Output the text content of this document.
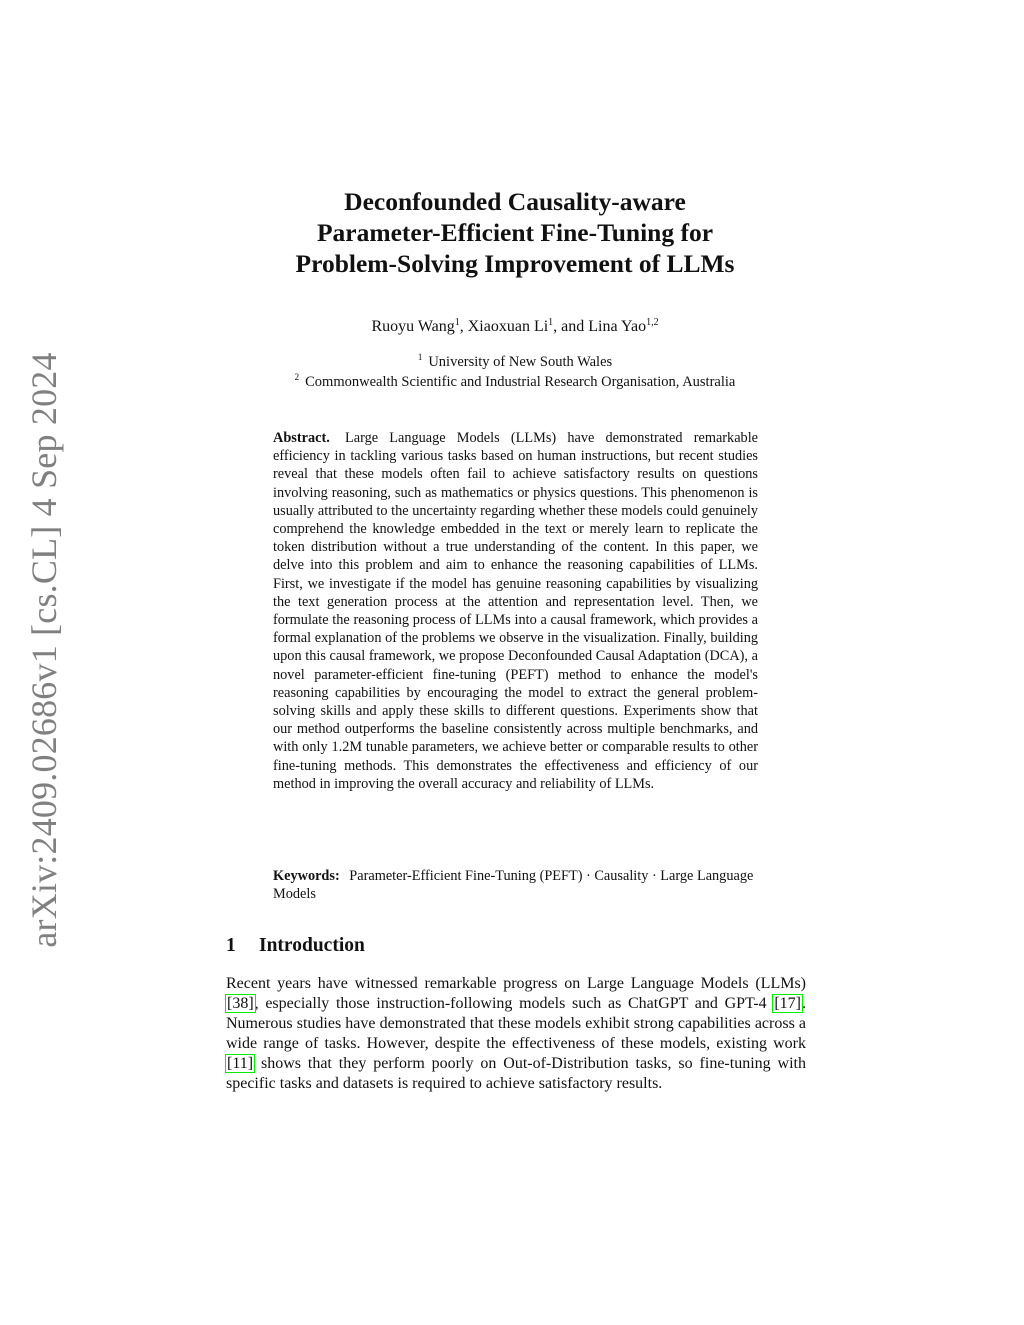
arXiv:2409.02686v1 [cs.CL] 4 Sep 2024
Deconfounded Causality-aware
Parameter-Efficient Fine-Tuning for
Problem-Solving Improvement of LLMs
Ruoyu Wang$^1$, Xiaoxuan Li$^1$, and Lina Yao$^{1,2}$
$^1$ University of New South Wales
$^2$ Commonwealth Scientific and Industrial Research Organisation, Australia
Abstract. Large Language Models (LLMs) have demonstrated remarkable efficiency in tackling various tasks based on human instructions, but recent studies reveal that these models often fail to achieve satisfactory results on questions involving reasoning, such as mathematics or physics questions. This phenomenon is usually attributed to the uncertainty regarding whether these models could genuinely comprehend the knowledge embedded in the text or merely learn to replicate the token distribution without a true understanding of the content. In this paper, we delve into this problem and aim to enhance the reasoning capabilities of LLMs. First, we investigate if the model has genuine reasoning capabilities by visualizing the text generation process at the attention and representation level. Then, we formulate the reasoning process of LLMs into a causal framework, which provides a formal explanation of the problems we observe in the visualization. Finally, building upon this causal framework, we propose Deconfounded Causal Adaptation (DCA), a novel parameter-efficient fine-tuning (PEFT) method to enhance the model's reasoning capabilities by encouraging the model to extract the general problem-solving skills and apply these skills to different questions. Experiments show that our method outperforms the baseline consistently across multiple benchmarks, and with only 1.2M tunable parameters, we achieve better or comparable results to other fine-tuning methods. This demonstrates the effectiveness and efficiency of our method in improving the overall accuracy and reliability of LLMs.
Keywords: Parameter-Efficient Fine-Tuning (PEFT) · Causality · Large Language Models
1 Introduction
Recent years have witnessed remarkable progress on Large Language Models (LLMs) [38], especially those instruction-following models such as ChatGPT and GPT-4 [17]. Numerous studies have demonstrated that these models exhibit strong capabilities across a wide range of tasks. However, despite the effectiveness of these models, existing work [11] shows that they perform poorly on Out-of-Distribution tasks, so fine-tuning with specific tasks and datasets is required to achieve satisfactory results.
